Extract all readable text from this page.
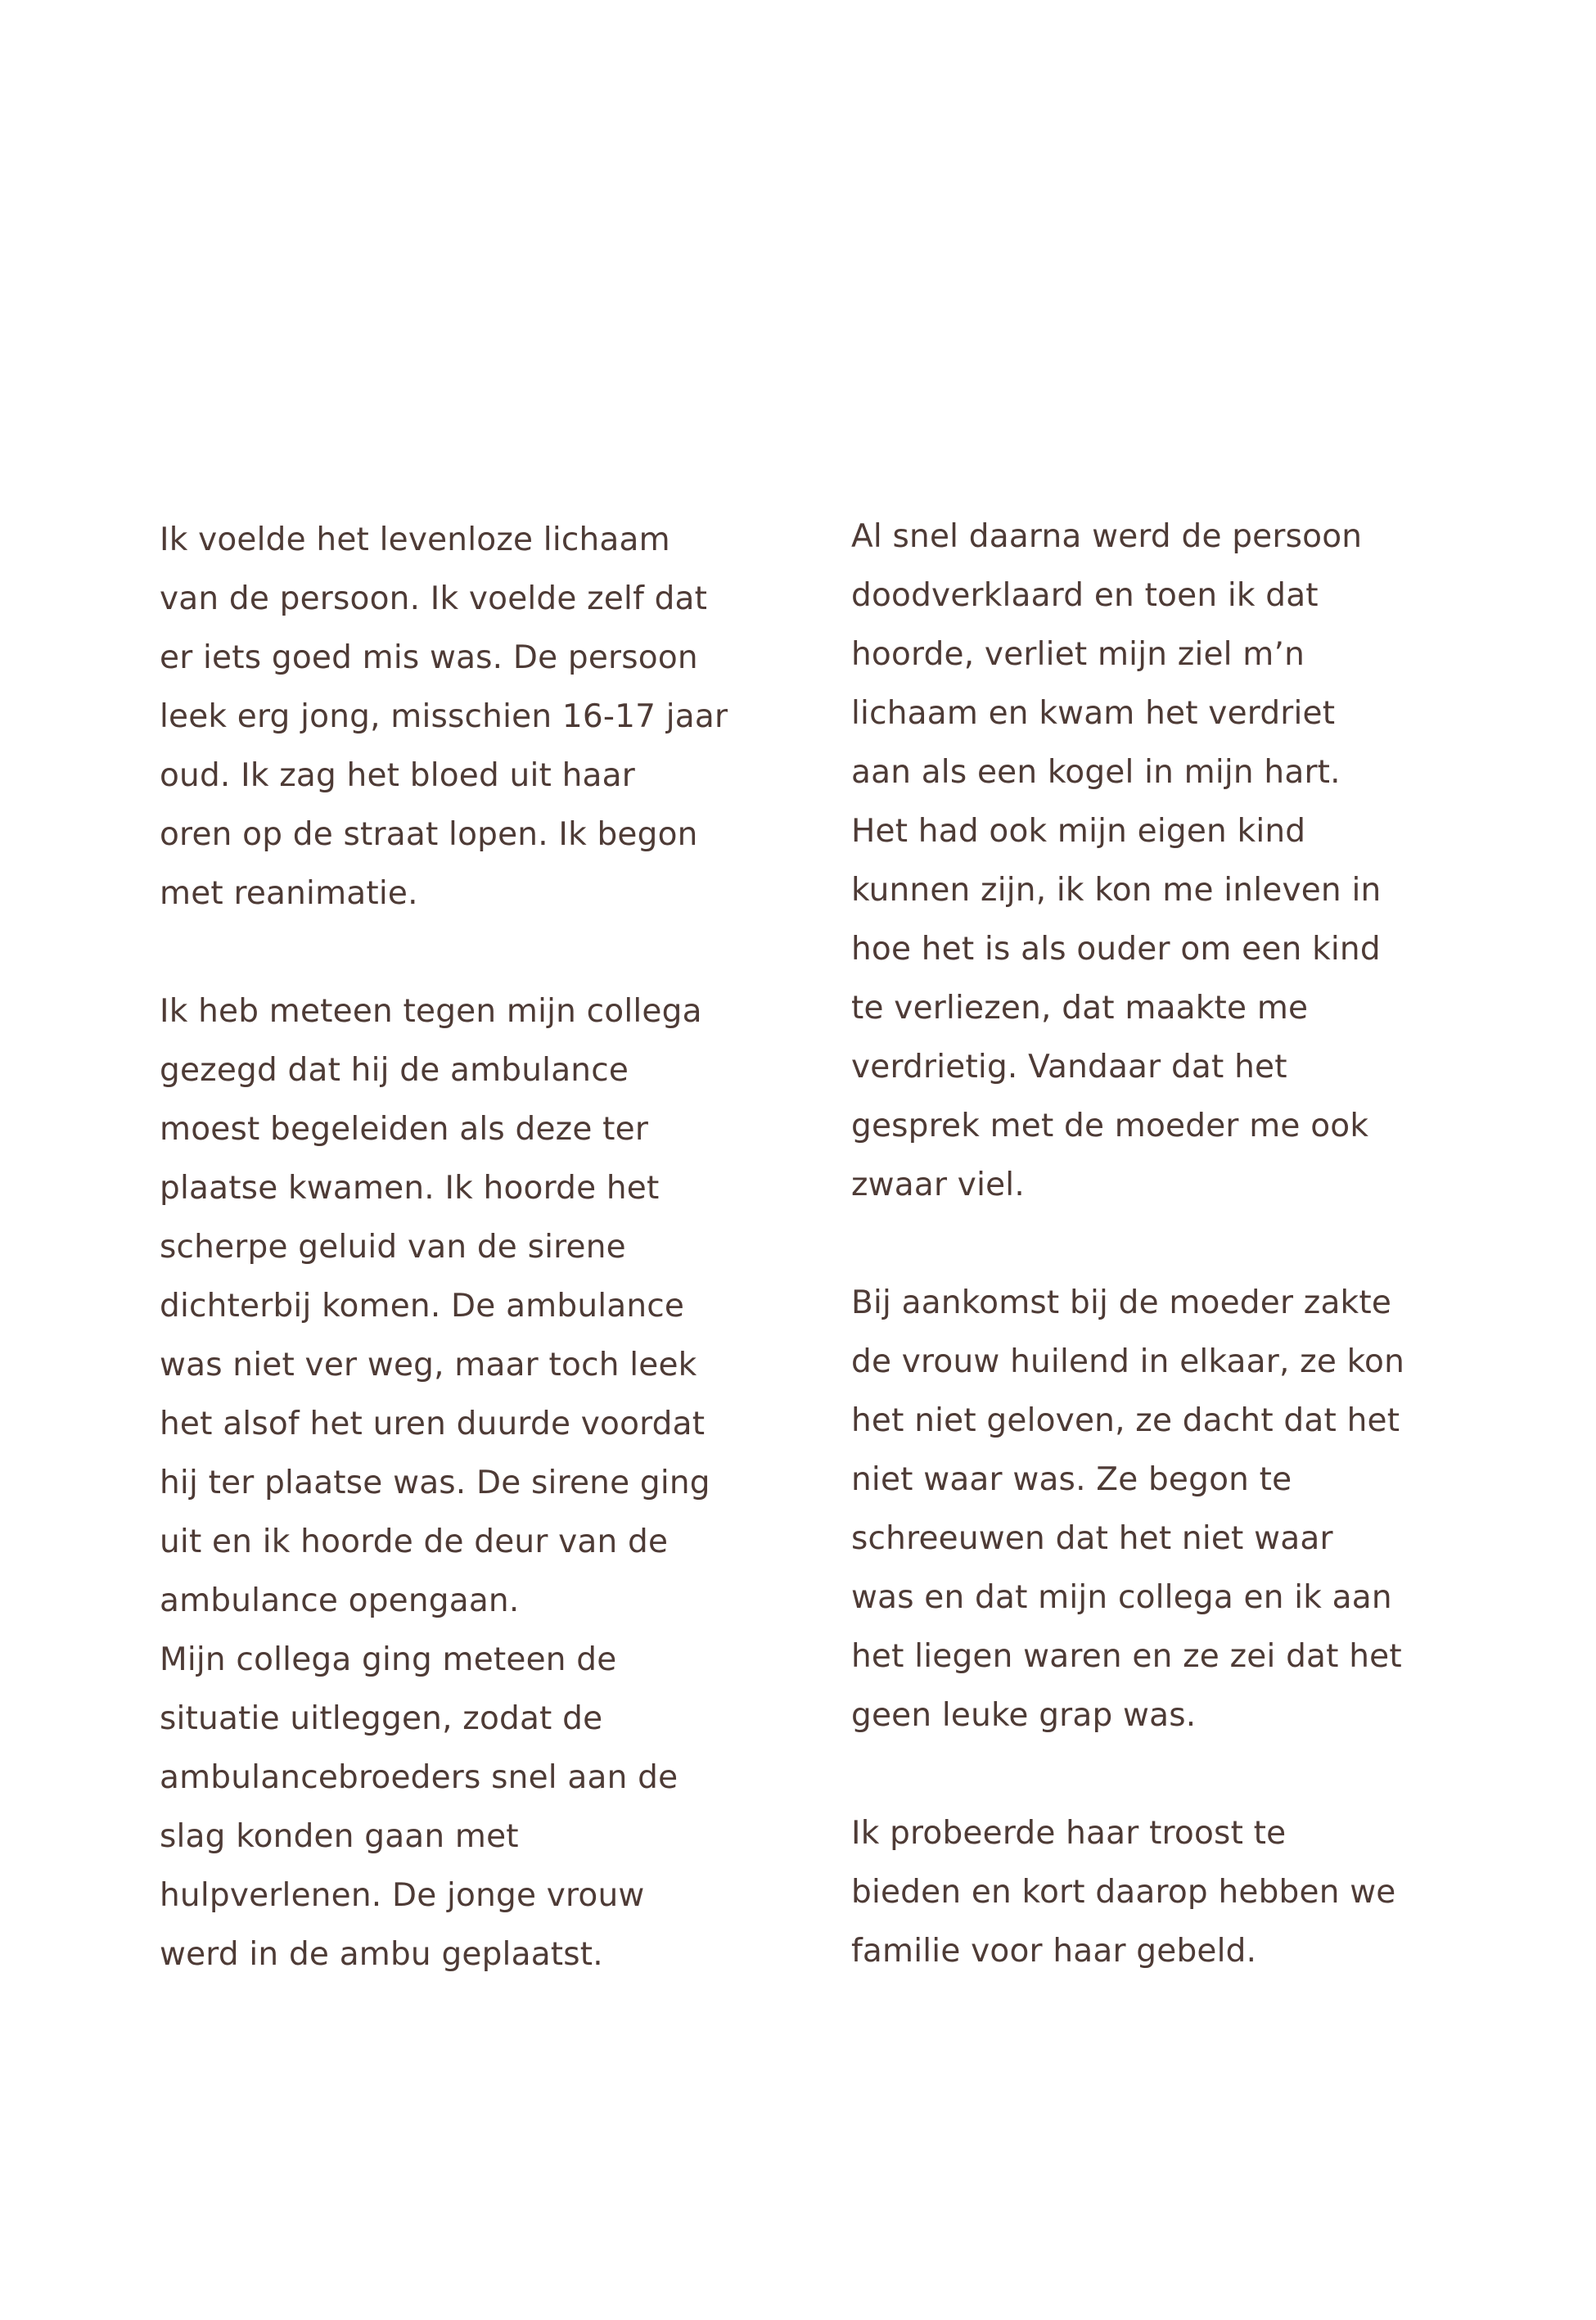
Ik voelde het levenloze lichaam
van de persoon. Ik voelde zelf dat
er iets goed mis was. De persoon
leek erg jong, misschien 16-17 jaar
oud. Ik zag het bloed uit haar
oren op de straat lopen. Ik begon
met reanimatie.
Ik heb meteen tegen mijn collega
gezegd dat hij de ambulance
moest begeleiden als deze ter
plaatse kwamen. Ik hoorde het
scherpe geluid van de sirene
dichterbij komen. De ambulance
was niet ver weg, maar toch leek
het alsof het uren duurde voordat
hij ter plaatse was. De sirene ging
uit en ik hoorde de deur van de
ambulance opengaan.
Mijn collega ging meteen de
situatie uitleggen, zodat de
ambulancebroeders snel aan de
slag konden gaan met
hulpverlenen. De jonge vrouw
werd in de ambu geplaatst.
Al snel daarna werd de persoon
doodverklaard en toen ik dat
hoorde, verliet mijn ziel m’n
lichaam en kwam het verdriet
aan als een kogel in mijn hart.
Het had ook mijn eigen kind
kunnen zijn, ik kon me inleven in
hoe het is als ouder om een kind
te verliezen, dat maakte me
verdrietig. Vandaar dat het
gesprek met de moeder me ook
zwaar viel.
Bij aankomst bij de moeder zakte
de vrouw huilend in elkaar, ze kon
het niet geloven, ze dacht dat het
niet waar was. Ze begon te
schreeuwen dat het niet waar
was en dat mijn collega en ik aan
het liegen waren en ze zei dat het
geen leuke grap was.
Ik probeerde haar troost te
bieden en kort daarop hebben we
familie voor haar gebeld.
